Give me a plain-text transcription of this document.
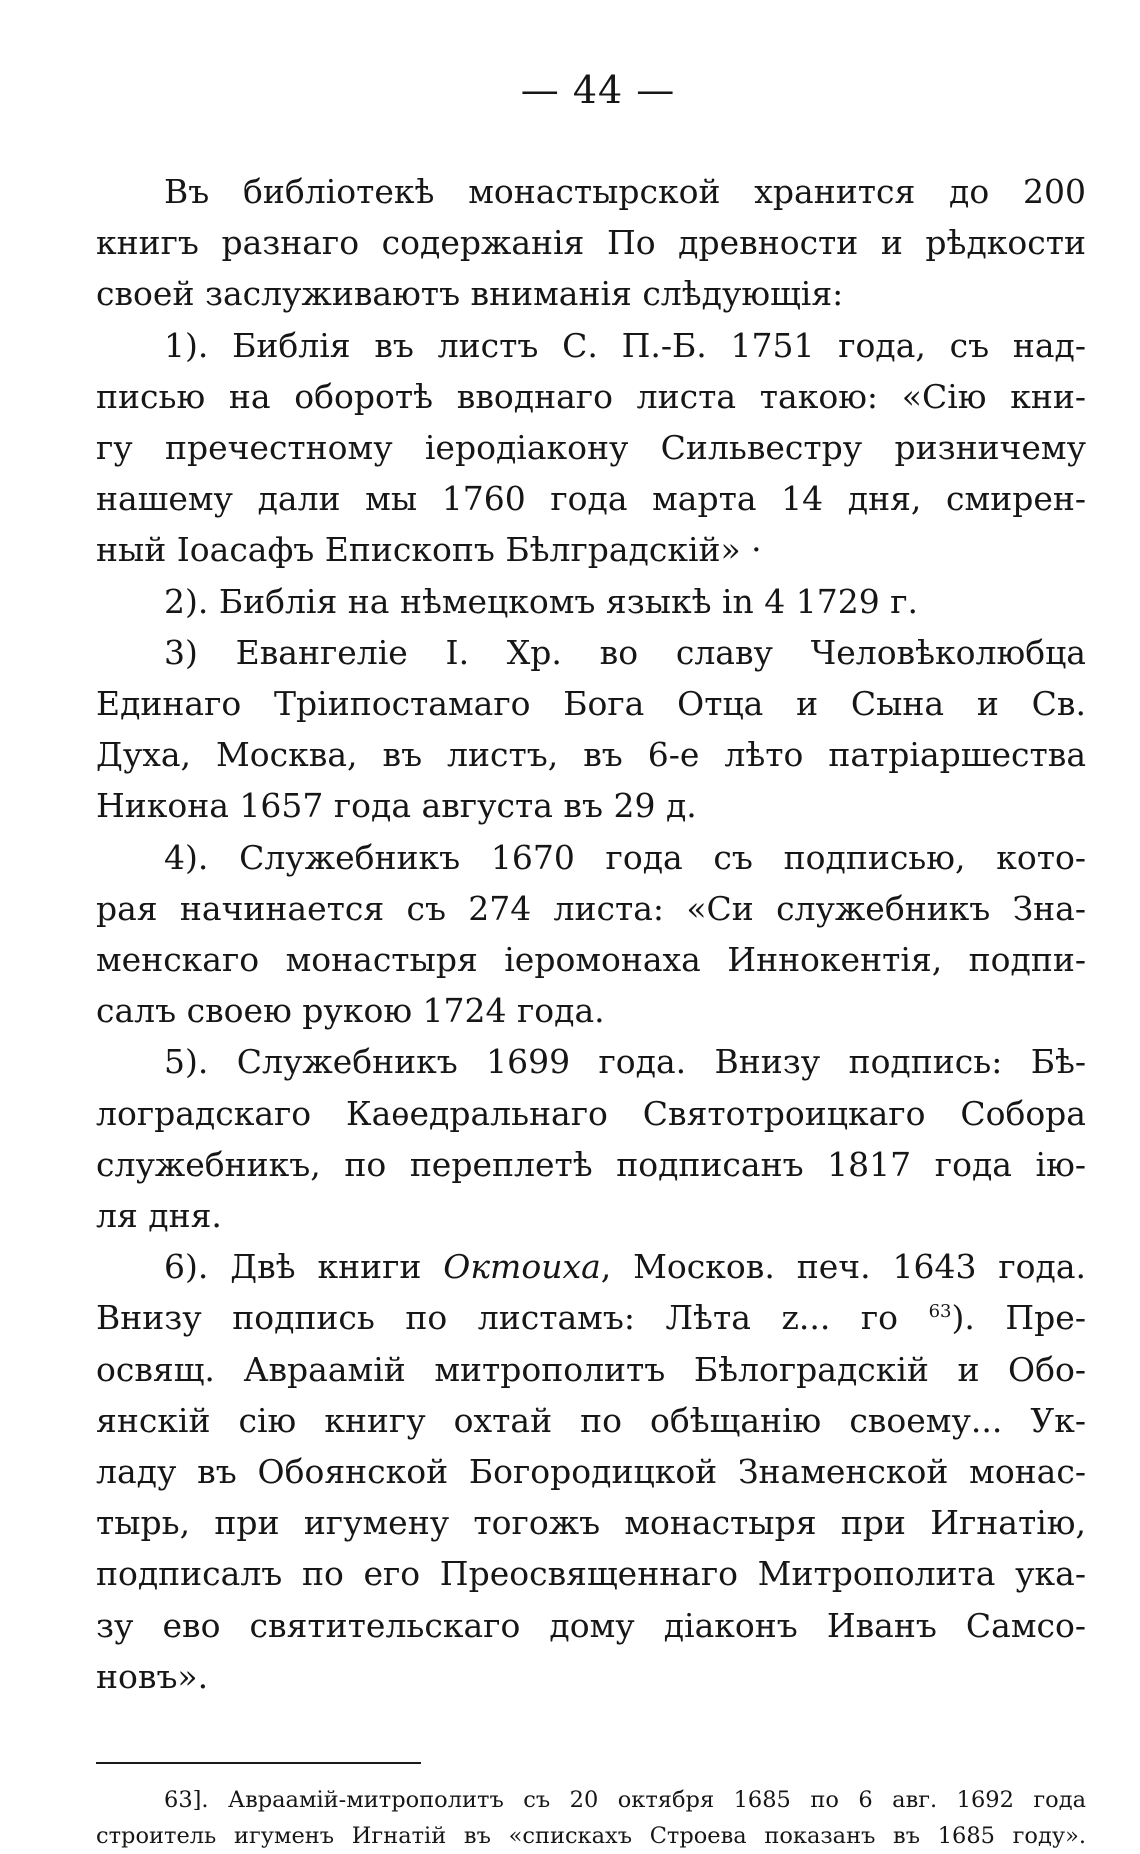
— 44 —
Въ библіотекѣ монастырской хранится до 200
книгъ разнаго содержанія По древности и рѣдкости
своей заслуживаютъ вниманія слѣдующія:
1). Библія въ листъ С. П.-Б. 1751 года, съ над-
писью на оборотѣ вводнаго листа такою: «Сію кни-
гу пречестному іеродіакону Сильвестру ризничему
нашему дали мы 1760 года марта 14 дня, смирен-
ный Іоасафъ Епископъ Бѣлградскій» ·
2). Библія на нѣмецкомъ языкѣ in 4 1729 г.
3) Евангеліе І. Хр. во славу Человѣколюбца
Единаго Тріипостамаго Бога Отца и Сына и Св.
Духа, Москва, въ листъ, въ 6-е лѣто патріаршества
Никона 1657 года августа въ 29 д.
4). Служебникъ 1670 года съ подписью, кото-
рая начинается съ 274 листа: «Си служебникъ Зна-
менскаго монастыря іеромонаха Иннокентія, подпи-
салъ своею рукою 1724 года.
5). Служебникъ 1699 года. Внизу подпись: Бѣ-
лоградскаго Каѳедральнаго Святотроицкаго Собора
служебникъ, по переплетѣ подписанъ 1817 года ію-
ля дня.
6). Двѣ книги Октоиха, Москов. печ. 1643 года.
Внизу подпись по листамъ: Лѣта z... го $^{63}$). Пре-
освящ. Авраамій митрополитъ Бѣлоградскій и Обо-
янскій сію книгу охтай по обѣщанію своему... Ук-
ладу въ Обоянской Богородицкой Знаменской монас-
тырь, при игумену тогожъ монастыря при Игнатію,
подписалъ по его Преосвященнаго Митрополита ука-
зу ево святительскаго дому діаконъ Иванъ Самсо-
новъ».
63]. Авраамій-митрополитъ съ 20 октября 1685 по 6 авг. 1692 года
строитель игуменъ Игнатій въ «спискахъ Строева показанъ въ 1685 году».
